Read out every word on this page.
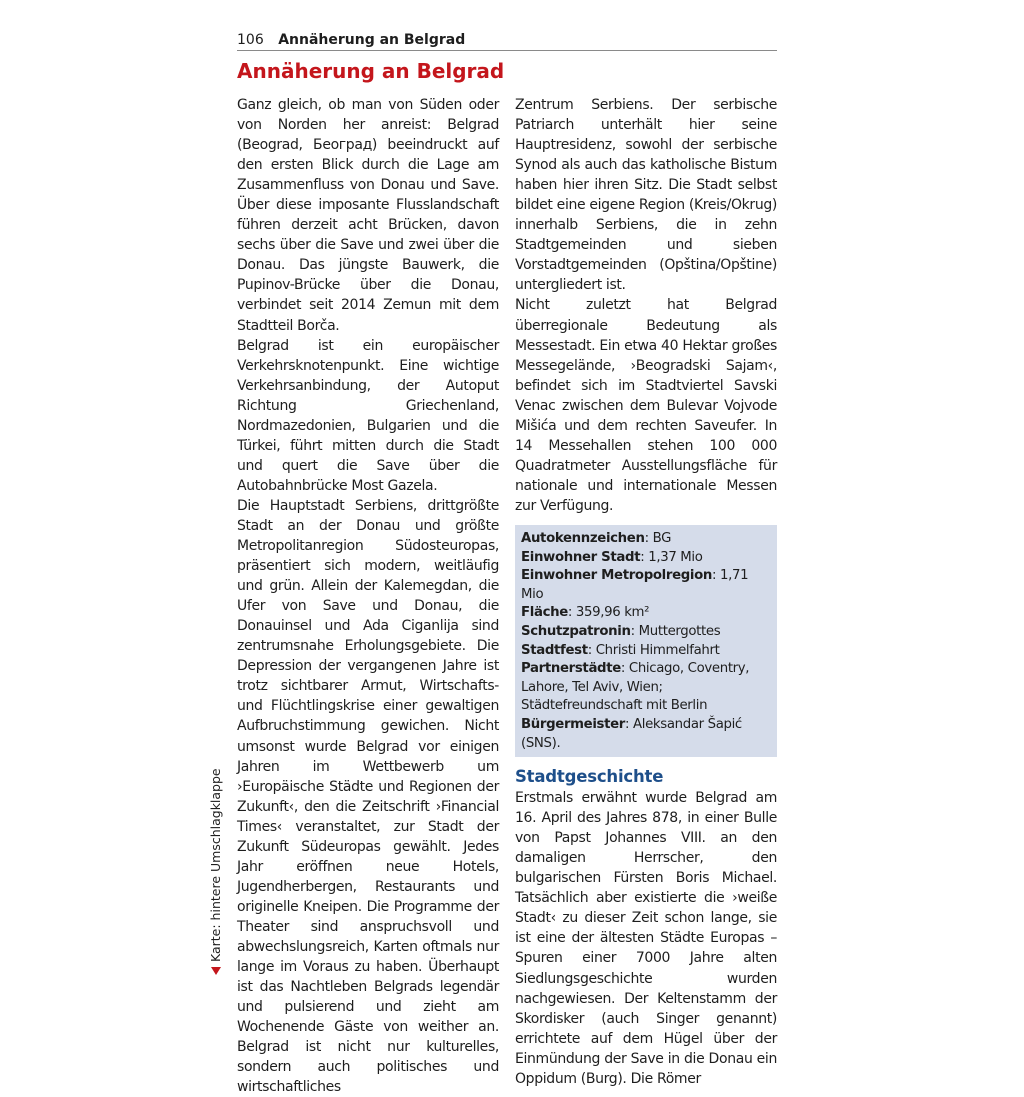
106 Annäherung an Belgrad
Annäherung an Belgrad

Ganz gleich, ob man von Süden oder von Norden her anreist: Belgrad (Beograd, Београд) beeindruckt auf den ersten Blick durch die Lage am Zusammenfluss von Donau und Save. Über diese imposante Flusslandschaft führen derzeit acht Brücken, davon sechs über die Save und zwei über die Donau. Das jüngste Bauwerk, die Pupinov-Brücke über die Donau, verbindet seit 2014 Zemun mit dem Stadtteil Borča.

Belgrad ist ein europäischer Verkehrsknotenpunkt. Eine wichtige Verkehrsanbindung, der Autoput Richtung Griechenland, Nordmazedonien, Bulgarien und die Türkei, führt mitten durch die Stadt und quert die Save über die Autobahnbrücke Most Gazela.

Die Hauptstadt Serbiens, drittgrößte Stadt an der Donau und größte Metropolitanregion Südosteuropas, präsentiert sich modern, weitläufig und grün. Allein der Kalemegdan, die Ufer von Save und Donau, die Donauinsel und Ada Ciganlija sind zentrumsnahe Erholungsgebiete. Die Depression der vergangenen Jahre ist trotz sichtbarer Armut, Wirtschafts- und Flüchtlingskrise einer gewaltigen Aufbruchstimmung gewichen. Nicht umsonst wurde Belgrad vor einigen Jahren im Wettbewerb um ›Europäische Städte und Regionen der Zukunft‹, den die Zeitschrift ›Financial Times‹ veranstaltet, zur Stadt der Zukunft Südeuropas gewählt. Jedes Jahr eröffnen neue Hotels, Jugendherbergen, Restaurants und originelle Kneipen. Die Programme der Theater sind anspruchsvoll und abwechslungsreich, Karten oftmals nur lange im Voraus zu haben. Überhaupt ist das Nachtleben Belgrads legendär und pulsierend und zieht am Wochenende Gäste von weither an. Belgrad ist nicht nur kulturelles, sondern auch politisches und wirtschaftliches

Zentrum Serbiens. Der serbische Patriarch unterhält hier seine Hauptresidenz, sowohl der serbische Synod als auch das katholische Bistum haben hier ihren Sitz. Die Stadt selbst bildet eine eigene Region (Kreis/Okrug) innerhalb Serbiens, die in zehn Stadtgemeinden und sieben Vorstadtgemeinden (Opština/Opštine) untergliedert ist.

Nicht zuletzt hat Belgrad überregionale Bedeutung als Messestadt. Ein etwa 40 Hektar großes Messegelände, ›Beogradski Sajam‹, befindet sich im Stadtviertel Savski Venac zwischen dem Bulevar Vojvode Mišića und dem rechten Saveufer. In 14 Messehallen stehen 100 000 Quadratmeter Ausstellungsfläche für nationale und internationale Messen zur Verfügung.

Autokennzeichen: BG

Einwohner Stadt: 1,37 Mio

Einwohner Metropolregion: 1,71 Mio

Fläche: 359,96 km²

Schutzpatronin: Muttergottes

Stadtfest: Christi Himmelfahrt

Partnerstädte: Chicago, Coventry, Lahore, Tel Aviv, Wien; Städtefreundschaft mit Berlin

Bürgermeister: Aleksandar Šapić (SNS).

Stadtgeschichte

Erstmals erwähnt wurde Belgrad am 16. April des Jahres 878, in einer Bulle von Papst Johannes VIII. an den damaligen Herrscher, den bulgarischen Fürsten Boris Michael. Tatsächlich aber existierte die ›weiße Stadt‹ zu dieser Zeit schon lange, sie ist eine der ältesten Städte Europas – Spuren einer 7000 Jahre alten Siedlungsgeschichte wurden nachgewiesen. Der Keltenstamm der Skordisker (auch Singer genannt) errichtete auf dem Hügel über der Einmündung der Save in die Donau ein Oppidum (Burg). Die Römer

Karte: hintere Umschlagklappe
